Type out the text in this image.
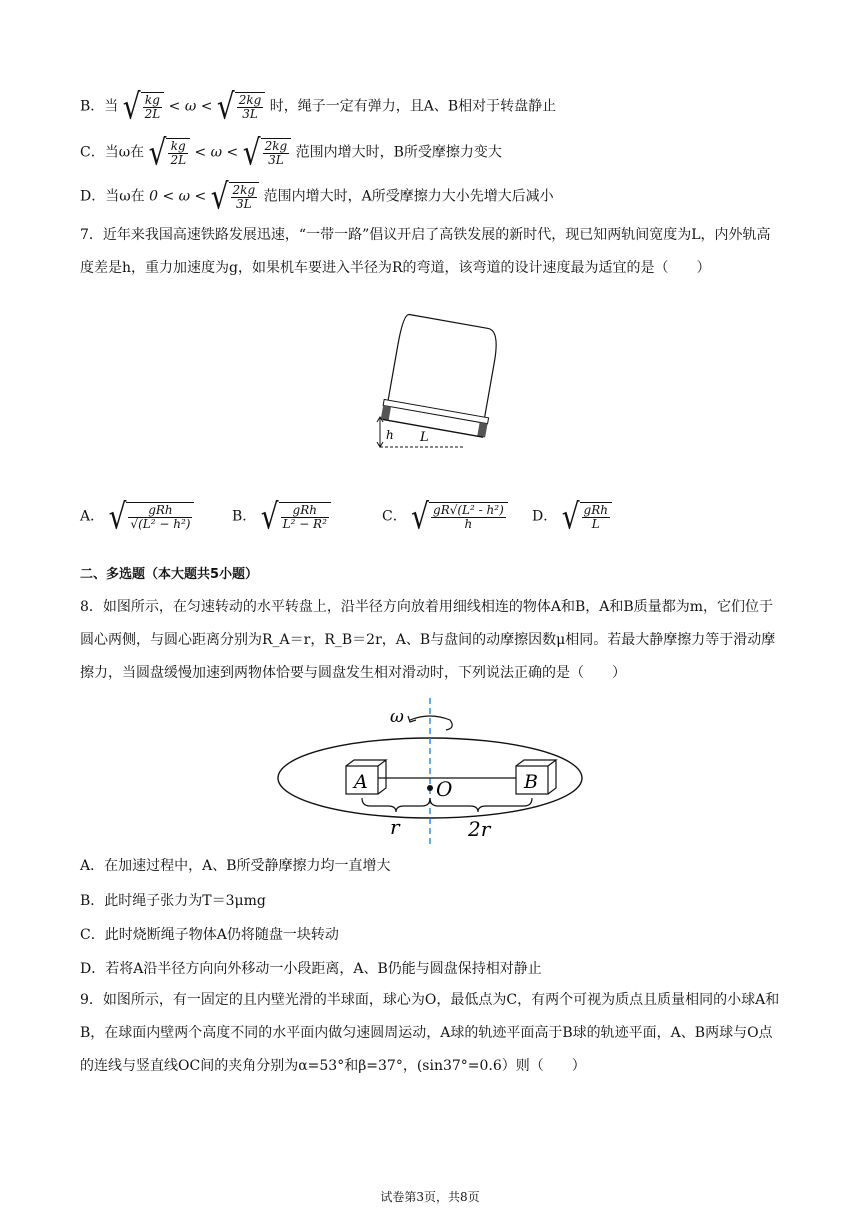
B．当 √ $\frac{kg}{2L} < \omega$ < √ $\frac{2kg}{3L}$ 时，绳子一定有弹力，且A、B相对于转盘静止
C．当ω在 √ $\frac{kg}{2L} < \omega$ < √ $\frac{2kg}{3L}$ 范围内增大时，B所受摩擦力变大
D．当ω在 0 < ω < √ $\frac{2kg}{3L}$ 范围内增大时，A所受摩擦力大小先增大后减小
7．近年来我国高速铁路发展迅速，“一带一路”倡议开启了高铁发展的新时代，现已知两轨间宽度为L，内外轨高度差是h，重力加速度为g，如果机车要进入半径为R的弯道，该弯道的设计速度最为适宜的是（　　）
h L
A． √ $\frac{\text{gRh}}{\text{√(L² − h²)}}$	B． √ $\frac{\text{gRh}}{\text{L² − R²}}$	C． √ $\frac{\text{gR√(L² - h²)}}{h}$ D． √ $\frac{\text{gRh}}{L}$
二、多选题（本大题共5小题）
8．如图所示，在匀速转动的水平转盘上，沿半径方向放着用细线相连的物体A和B，A和B质量都为m，它们位于圆心两侧，与圆心距离分别为R_A＝r，R_B＝2r，A、B与盘间的动摩擦因数μ相同。若最大静摩擦力等于滑动摩擦力，当圆盘缓慢加速到两物体恰要与圆盘发生相对滑动时，下列说法正确的是（　　）
ω
A	B
O
r	2r
A．在加速过程中，A、B所受静摩擦力均一直增大
B．此时绳子张力为T＝3μmg
C．此时烧断绳子物体A仍将随盘一块转动
D．若将A沿半径方向向外移动一小段距离，A、B仍能与圆盘保持相对静止
9．如图所示，有一固定的且内壁光滑的半球面，球心为O，最低点为C，有两个可视为质点且质量相同的小球A和B，在球面内壁两个高度不同的水平面内做匀速圆周运动，A球的轨迹平面高于B球的轨迹平面，A、B两球与O点的连线与竖直线OC间的夹角分别为α=53°和β=37°，(sin37°=0.6）则（　　）
试卷第3页，共8页
